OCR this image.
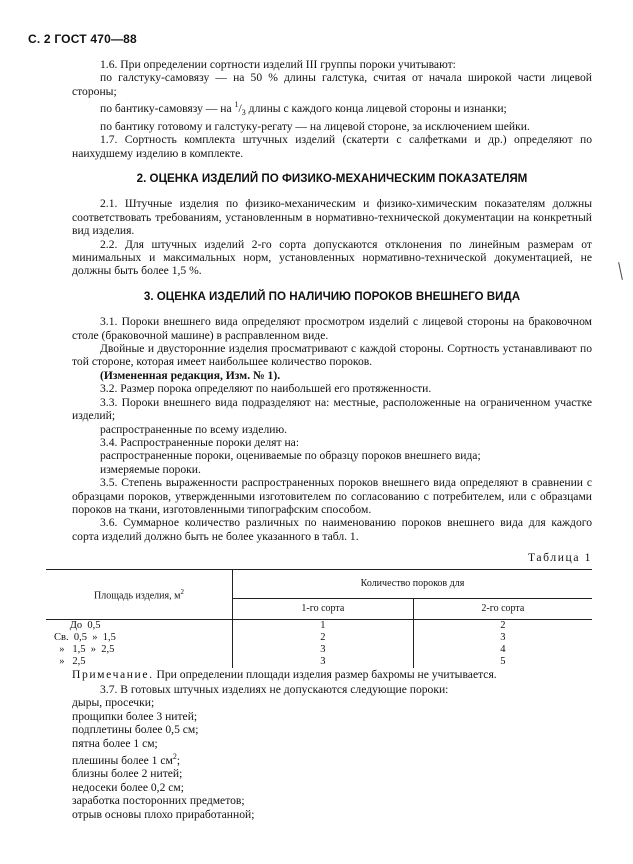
С. 2 ГОСТ 470—88

1.6. При определении сортности изделий III группы пороки учитывают:

по галстуку-самовязу — на 50 % длины галстука, считая от начала широкой части лицевой стороны;

по бантику-самовязу — на $^1/_3$ длины с каждого конца лицевой стороны и изнанки;

по бантику готовому и галстуку-регату — на лицевой стороне, за исключением шейки.

1.7. Сортность комплекта штучных изделий (скатерти с салфетками и др.) определяют по наихудшему изделию в комплекте.

2. ОЦЕНКА ИЗДЕЛИЙ ПО ФИЗИКО-МЕХАНИЧЕСКИМ ПОКАЗАТЕЛЯМ

2.1. Штучные изделия по физико-механическим и физико-химическим показателям должны соответствовать требованиям, установленным в нормативно-технической документации на конкретный вид изделия.

2.2. Для штучных изделий 2-го сорта допускаются отклонения по линейным размерам от минимальных и максимальных норм, установленных нормативно-технической документацией, не должны быть более 1,5 %.

3. ОЦЕНКА ИЗДЕЛИЙ ПО НАЛИЧИЮ ПОРОКОВ ВНЕШНЕГО ВИДА

3.1. Пороки внешнего вида определяют просмотром изделий с лицевой стороны на браковочном столе (браковочной машине) в расправленном виде.

Двойные и двусторонние изделия просматривают с каждой стороны. Сортность устанавливают по той стороне, которая имеет наибольшее количество пороков.

(Измененная редакция, Изм. № 1).

3.2. Размер порока определяют по наибольшей его протяженности.

3.3. Пороки внешнего вида подразделяют на: местные, расположенные на ограниченном участке изделий;

распространенные по всему изделию.

3.4. Распространенные пороки делят на:

распространенные пороки, оцениваемые по образцу пороков внешнего вида;

измеряемые пороки.

3.5. Степень выраженности распространенных пороков внешнего вида определяют в сравнении с образцами пороков, утвержденными изготовителем по согласованию с потребителем, или с образцами пороков на ткани, изготовленными типографским способом.

3.6. Суммарное количество различных по наименованию пороков внешнего вида для каждого сорта изделий должно быть не более указанного в табл. 1.

Таблица 1
Площадь изделия, $м^2$	Количество пороков для	
	1-го сорта	2-го сорта
До  0,5	1	2
Св.  0,5  »  1,5	2	3
»   1,5  »  2,5	3	4
»   2,5	3	5

Примечание. При определении площади изделия размер бахромы не учитывается.

3.7. В готовых штучных изделиях не допускаются следующие пороки:

дыры, просечки;

прощипки более 3 нитей;

подплетины более 0,5 см;

пятна более 1 см;

плешины более 1 $см^2$;

близны более 2 нитей;

недосеки более 0,2 см;

заработка посторонних предметов;

отрыв основы плохо приработанной;
